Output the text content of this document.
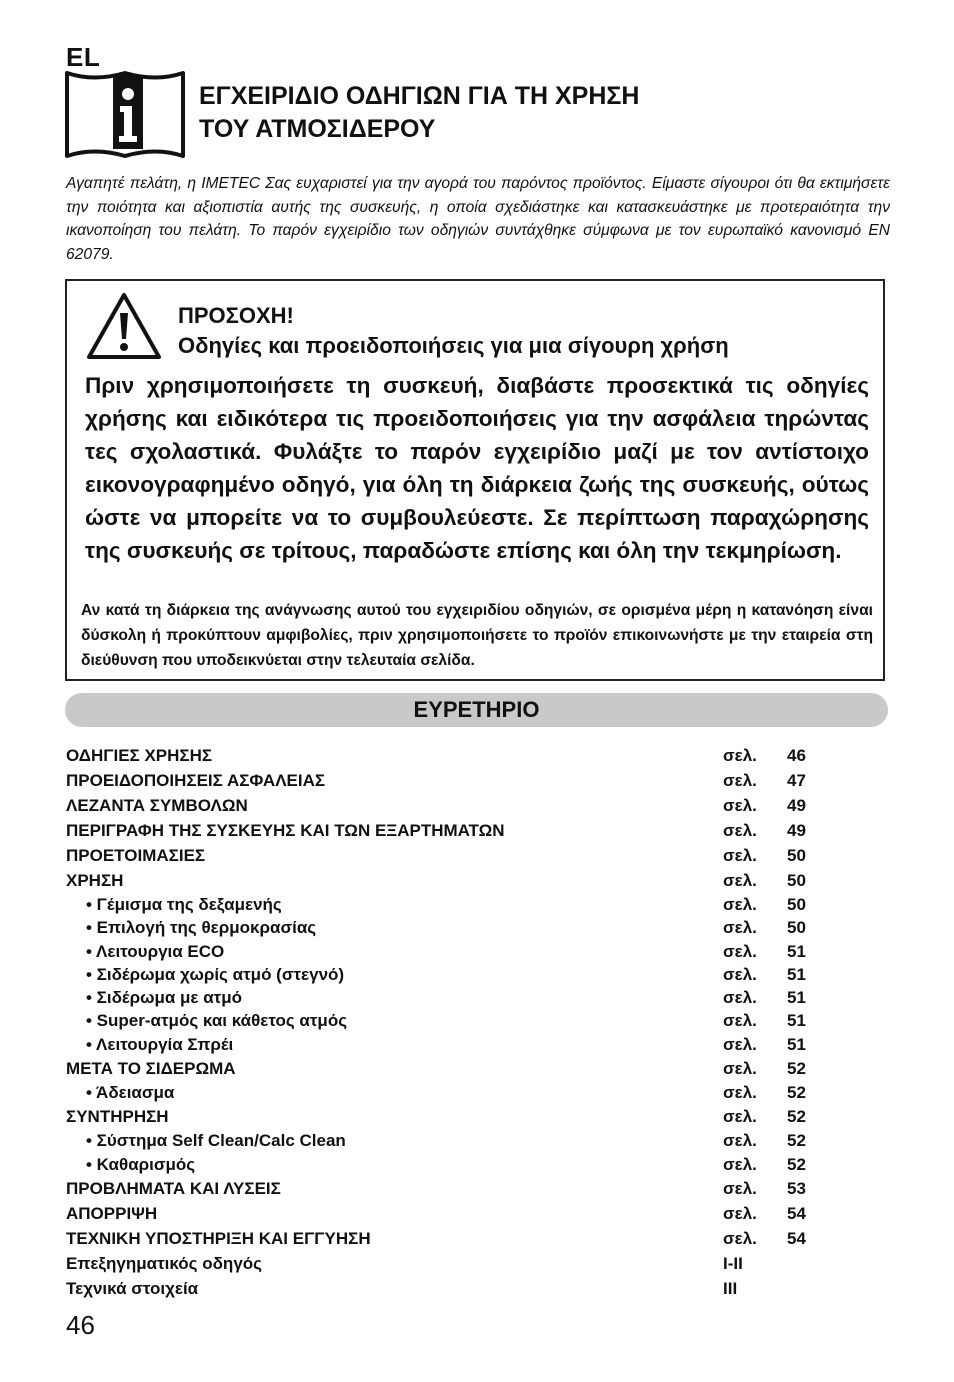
EL
ΕΓΧΕΙΡΙΔΙΟ ΟΔΗΓΙΩΝ ΓΙΑ ΤΗ ΧΡΗΣΗ
ΤΟΥ ΑΤΜΟΣΙΔΕΡΟΥ
Αγαπητέ πελάτη, η IMETEC Σας ευχαριστεί για την αγορά του παρόντος προϊόντος. Είμαστε σίγουροι ότι θα εκτιμήσετε την ποιότητα και αξιοπιστία αυτής της συσκευής, η οποία σχεδιάστηκε και κατασκευάστηκε με προτεραιότητα την ικανοποίηση του πελάτη. Το παρόν εγχειρίδιο των οδηγιών συντάχθηκε σύμφωνα με τον ευρωπαϊκό κανονισμό EN 62079.
ΠΡΟΣΟΧΗ!
Οδηγίες και προειδοποιήσεις για μια σίγουρη χρήση
Πριν χρησιμοποιήσετε τη συσκευή, διαβάστε προσεκτικά τις οδηγίες χρήσης και ειδικότερα τις προειδοποιήσεις για την ασφάλεια τηρώντας τες σχολαστικά. Φυλάξτε το παρόν εγχειρίδιο μαζί με τον αντίστοιχο εικονογραφημένο οδηγό, για όλη τη διάρκεια ζωής της συσκευής, ούτως ώστε να μπορείτε να το συμβουλεύεστε. Σε περίπτωση παραχώρησης της συσκευής σε τρίτους, παραδώστε επίσης και όλη την τεκμηρίωση.
Αν κατά τη διάρκεια της ανάγνωσης αυτού του εγχειριδίου οδηγιών, σε ορισμένα μέρη η κατανόηση είναι δύσκολη ή προκύπτουν αμφιβολίες, πριν χρησιμοποιήσετε το προϊόν επικοινωνήστε με την εταιρεία στη διεύθυνση που υποδεικνύεται στην τελευταία σελίδα.
ΕΥΡΕΤΗΡΙΟ
ΟΔΗΓΙΕΣ ΧΡΗΣΗΣ	σελ. 46
ΠΡΟΕΙΔΟΠΟΙΗΣΕΙΣ ΑΣΦΑΛΕΙΑΣ	σελ. 47
ΛΕΖΑΝΤΑ ΣΥΜΒΟΛΩΝ	σελ. 49
ΠΕΡΙΓΡΑΦΗ ΤΗΣ ΣΥΣΚΕΥΗΣ ΚΑΙ ΤΩΝ ΕΞΑΡΤΗΜΑΤΩΝ	σελ. 49
ΠΡΟΕΤΟΙΜΑΣΙΕΣ	σελ. 50
ΧΡΗΣΗ	σελ. 50
• Γέμισμα της δεξαμενής	σελ. 50
• Επιλογή της θερμοκρασίας	σελ. 50
• Λειτουργια ECO	σελ. 51
• Σιδέρωμα χωρίς ατμό (στεγνό)	σελ. 51
• Σιδέρωμα με ατμό	σελ. 51
• Super-ατμός και κάθετος ατμός	σελ. 51
• Λειτουργία Σπρέι	σελ. 51
ΜΕΤΑ ΤΟ ΣΙΔΕΡΩΜΑ	σελ. 52
• Άδειασμα	σελ. 52
ΣΥΝΤΗΡΗΣΗ	σελ. 52
• Σύστημα Self Clean/Calc Clean	σελ. 52
• Καθαρισμός	σελ. 52
ΠΡΟΒΛΗΜΑΤΑ ΚΑΙ ΛΥΣΕΙΣ	σελ. 53
ΑΠΟΡΡΙΨΗ	σελ. 54
ΤΕΧΝΙΚΗ ΥΠΟΣΤΗΡΙΞΗ ΚΑΙ ΕΓΓΥΗΣΗ	σελ. 54
Επεξηγηματικός οδηγός	I-II
Τεχνικά στοιχεία	III
46
